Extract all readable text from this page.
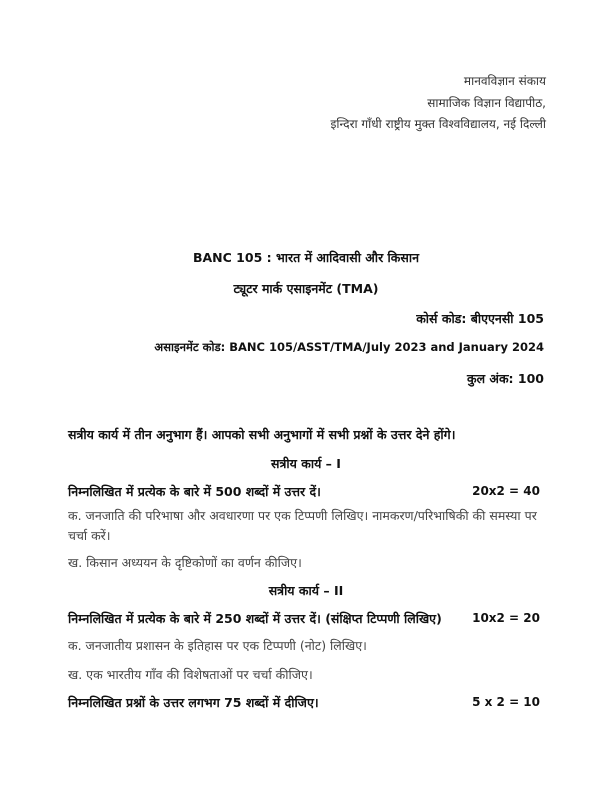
मानवविज्ञान संकाय
सामाजिक विज्ञान विद्यापीठ,
इन्दिरा गाँधी राष्ट्रीय मुक्त विश्वविद्यालय, नई दिल्ली
BANC 105 : भारत में आदिवासी और किसान
ट्यूटर मार्क एसाइनमेंट (TMA)
कोर्स कोड: बीएएनसी 105
असाइनमेंट कोड: BANC 105/ASST/TMA/July 2023 and January 2024
कुल अंक: 100
सत्रीय कार्य में तीन अनुभाग हैं। आपको सभी अनुभागों में सभी प्रश्नों के उत्तर देने होंगे।
सत्रीय कार्य – I
निम्नलिखित में प्रत्येक के बारे में 500 शब्दों में उत्तर दें।	20x2 = 40
क. जनजाति की परिभाषा और अवधारणा पर एक टिप्पणी लिखिए। नामकरण/परिभाषिकी की समस्या पर चर्चा करें।
ख. किसान अध्ययन के दृष्टिकोणों का वर्णन कीजिए।
सत्रीय कार्य – II
निम्नलिखित में प्रत्येक के बारे में 250 शब्दों में उत्तर दें। (संक्षिप्त टिप्पणी लिखिए)	10x2 = 20
क. जनजातीय प्रशासन के इतिहास पर एक टिप्पणी (नोट) लिखिए।
ख. एक भारतीय गाँव की विशेषताओं पर चर्चा कीजिए।
निम्नलिखित प्रश्नों के उत्तर लगभग 75 शब्दों में दीजिए।	5 x 2 = 10
